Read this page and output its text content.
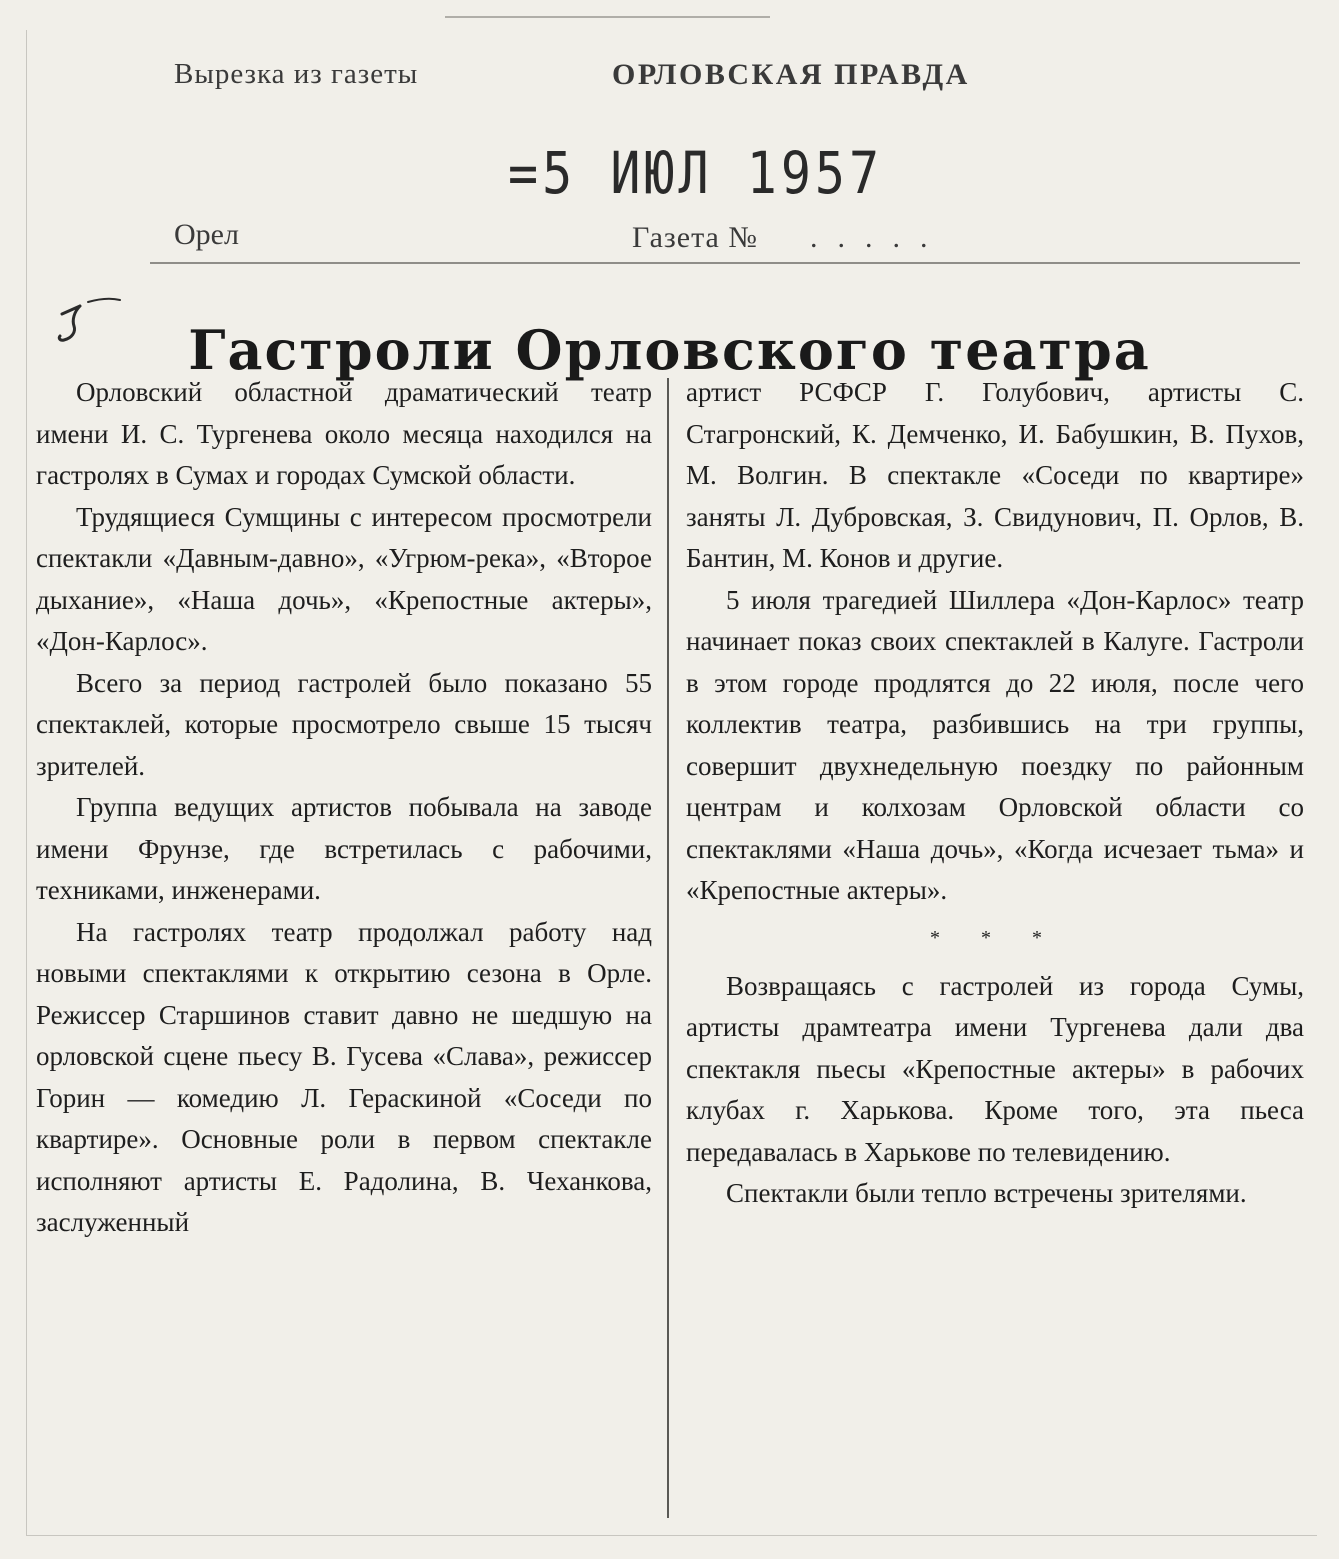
Вырезка из газеты	ОРЛОВСКАЯ ПРАВДА
=5 ИЮЛ 1957
Орел	Газета № .....
Гастроли Орловского театра

Орловский областной драматический театр имени И. С. Тургенева около месяца находился на гастролях в Сумах и городах Сумской области.

Трудящиеся Сумщины с интересом просмотрели спектакли «Давным-давно», «Угрюм-река», «Второе дыхание», «Наша дочь», «Крепостные актеры», «Дон-Карлос».

Всего за период гастролей было показано 55 спектаклей, которые просмотрело свыше 15 тысяч зрителей.

Группа ведущих артистов побывала на заводе имени Фрунзе, где встретилась с рабочими, техниками, инженерами.

На гастролях театр продолжал работу над новыми спектаклями к открытию сезона в Орле. Режиссер Старшинов ставит давно не шедшую на орловской сцене пьесу В. Гусева «Слава», режиссер Горин — комедию Л. Гераскиной «Соседи по квартире». Основные роли в первом спектакле исполняют артисты Е. Радолина, В. Чеханкова, заслуженный

артист РСФСР Г. Голубович, артисты С. Стагронский, К. Демченко, И. Бабушкин, В. Пухов, М. Волгин. В спектакле «Соседи по квартире» заняты Л. Дубровская, З. Свидунович, П. Орлов, В. Бантин, М. Конов и другие.

5 июля трагедией Шиллера «Дон-Карлос» театр начинает показ своих спектаклей в Калуге. Гастроли в этом городе продлятся до 22 июля, после чего коллектив театра, разбившись на три группы, совершит двухнедельную поездку по районным центрам и колхозам Орловской области со спектаклями «Наша дочь», «Когда исчезает тьма» и «Крепостные актеры».

* * *

Возвращаясь с гастролей из города Сумы, артисты драмтеатра имени Тургенева дали два спектакля пьесы «Крепостные актеры» в рабочих клубах г. Харькова. Кроме того, эта пьеса передавалась в Харькове по телевидению.

Спектакли были тепло встречены зрителями.
